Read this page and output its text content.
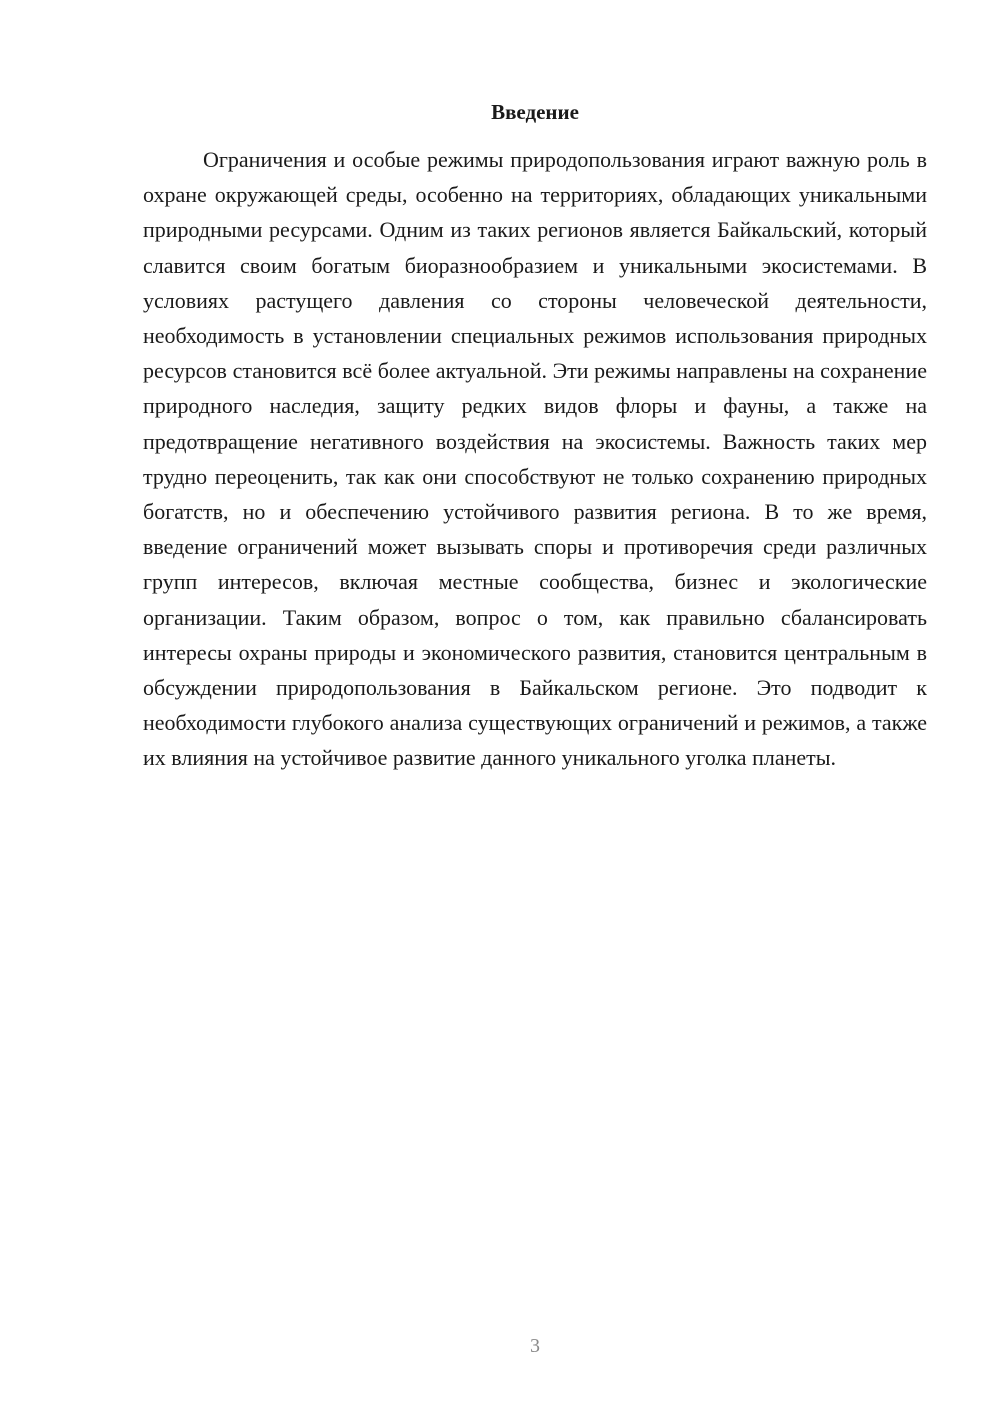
Введение

Ограничения и особые режимы природопользования играют важную роль в охране окружающей среды, особенно на территориях, обладающих уникальными природными ресурсами. Одним из таких регионов является Байкальский, который славится своим богатым биоразнообразием и уникальными экосистемами. В условиях растущего давления со стороны человеческой деятельности, необходимость в установлении специальных режимов использования природных ресурсов становится всё более актуальной. Эти режимы направлены на сохранение природного наследия, защиту редких видов флоры и фауны, а также на предотвращение негативного воздействия на экосистемы. Важность таких мер трудно переоценить, так как они способствуют не только сохранению природных богатств, но и обеспечению устойчивого развития региона. В то же время, введение ограничений может вызывать споры и противоречия среди различных групп интересов, включая местные сообщества, бизнес и экологические организации. Таким образом, вопрос о том, как правильно сбалансировать интересы охраны природы и экономического развития, становится центральным в обсуждении природопользования в Байкальском регионе. Это подводит к необходимости глубокого анализа существующих ограничений и режимов, а также их влияния на устойчивое развитие данного уникального уголка планеты.

3
